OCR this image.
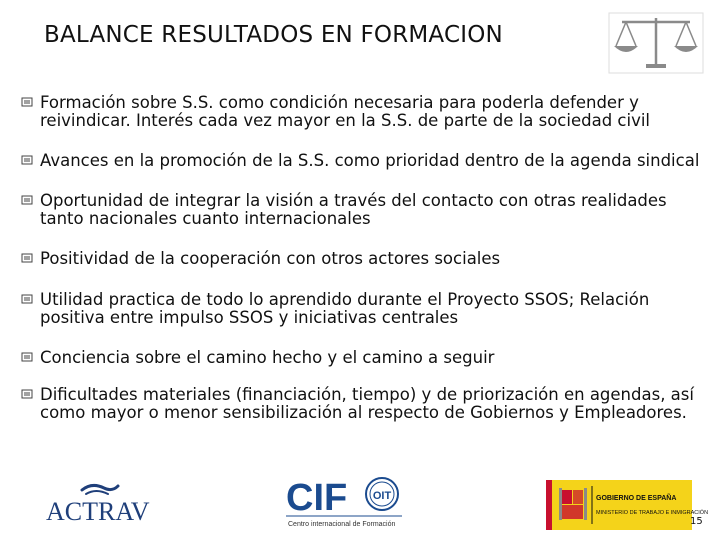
BALANCE RESULTADOS EN FORMACION
Formación sobre S.S. como condición necesaria para poderla defender y reivindicar. Interés cada vez mayor en la S.S. de parte de la sociedad civil
Avances en la promoción de la S.S. como prioridad dentro de la agenda sindical
Oportunidad de integrar la visión a través del contacto con otras realidades tanto nacionales cuanto internacionales
Positividad de la cooperación con otros actores sociales
Utilidad practica de todo lo aprendido durante el Proyecto SSOS; Relación positiva entre impulso SSOS y iniciativas centrales
Conciencia sobre el camino hecho y el camino a seguir
Dificultades materiales (financiación, tiempo) y de priorización en agendas, así como mayor o menor sensibilización al respecto de Gobiernos y Empleadores.
ACTRAV	CIF OIT
Centro internacional de Formación
GOBIERNO DE ESPAÑA
MINISTERIO DE TRABAJO E INMIGRACIÓN
15
